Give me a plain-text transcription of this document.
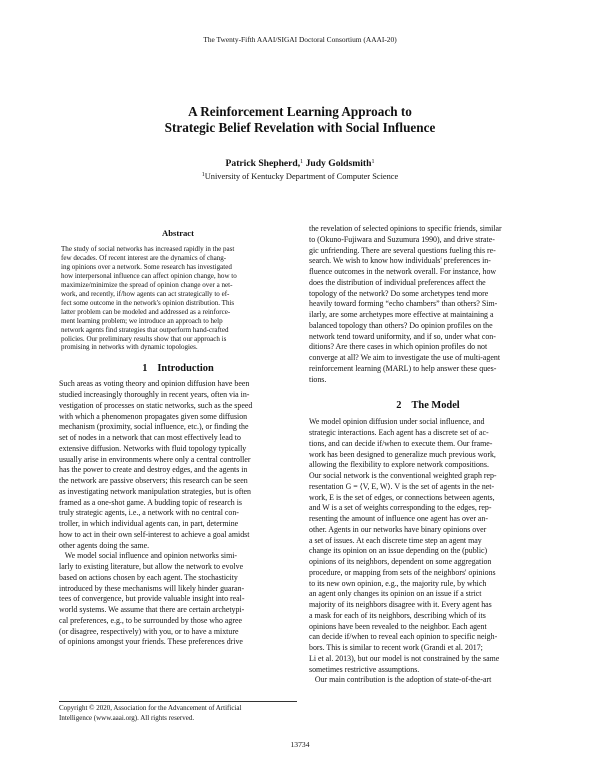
The Twenty-Fifth AAAI/SIGAI Doctoral Consortium (AAAI-20)
A Reinforcement Learning Approach to
Strategic Belief Revelation with Social Influence
Patrick Shepherd,$^1$ Judy Goldsmith$^1$
$^1$University of Kentucky Department of Computer Science
Abstract
The study of social networks has increased rapidly in the past
few decades. Of recent interest are the dynamics of chang-
ing opinions over a network. Some research has investigated
how interpersonal influence can affect opinion change, how to
maximize/minimize the spread of opinion change over a net-
work, and recently, if/how agents can act strategically to ef-
fect some outcome in the network's opinion distribution. This
latter problem can be modeled and addressed as a reinforce-
ment learning problem; we introduce an approach to help
network agents find strategies that outperform hand-crafted
policies. Our preliminary results show that our approach is
promising in networks with dynamic topologies.
1 Introduction
Such areas as voting theory and opinion diffusion have been
studied increasingly thoroughly in recent years, often via in-
vestigation of processes on static networks, such as the speed
with which a phenomenon propagates given some diffusion
mechanism (proximity, social influence, etc.), or finding the
set of nodes in a network that can most effectively lead to
extensive diffusion. Networks with fluid topology typically
usually arise in environments where only a central controller
has the power to create and destroy edges, and the agents in
the network are passive observers; this research can be seen
as investigating network manipulation strategies, but is often
framed as a one-shot game. A budding topic of research is
truly strategic agents, i.e., a network with no central con-
troller, in which individual agents can, in part, determine
how to act in their own self-interest to achieve a goal amidst
other agents doing the same.
We model social influence and opinion networks simi-
larly to existing literature, but allow the network to evolve
based on actions chosen by each agent. The stochasticity
introduced by these mechanisms will likely hinder guaran-
tees of convergence, but provide valuable insight into real-
world systems. We assume that there are certain archetypi-
cal preferences, e.g., to be surrounded by those who agree
(or disagree, respectively) with you, or to have a mixture
of opinions amongst your friends. These preferences drive
the revelation of selected opinions to specific friends, similar
to (Okuno-Fujiwara and Suzumura 1990), and drive strate-
gic unfriending. There are several questions fueling this re-
search. We wish to know how individuals' preferences in-
fluence outcomes in the network overall. For instance, how
does the distribution of individual preferences affect the
topology of the network? Do some archetypes tend more
heavily toward forming “echo chambers” than others? Sim-
ilarly, are some archetypes more effective at maintaining a
balanced topology than others? Do opinion profiles on the
network tend toward uniformity, and if so, under what con-
ditions? Are there cases in which opinion profiles do not
converge at all? We aim to investigate the use of multi-agent
reinforcement learning (MARL) to help answer these ques-
tions.
2 The Model
We model opinion diffusion under social influence, and
strategic interactions. Each agent has a discrete set of ac-
tions, and can decide if/when to execute them. Our frame-
work has been designed to generalize much previous work,
allowing the flexibility to explore network compositions.
Our social network is the conventional weighted graph rep-
resentation G = ⟨V, E, W⟩. V is the set of agents in the net-
work, E is the set of edges, or connections between agents,
and W is a set of weights corresponding to the edges, rep-
resenting the amount of influence one agent has over an-
other. Agents in our networks have binary opinions over
a set of issues. At each discrete time step an agent may
change its opinion on an issue depending on the (public)
opinions of its neighbors, dependent on some aggregation
procedure, or mapping from sets of the neighbors' opinions
to its new own opinion, e.g., the majority rule, by which
an agent only changes its opinion on an issue if a strict
majority of its neighbors disagree with it. Every agent has
a mask for each of its neighbors, describing which of its
opinions have been revealed to the neighbor. Each agent
can decide if/when to reveal each opinion to specific neigh-
bors. This is similar to recent work (Grandi et al. 2017;
Li et al. 2013), but our model is not constrained by the same
sometimes restrictive assumptions.
Our main contribution is the adoption of state-of-the-art
Copyright © 2020, Association for the Advancement of Artificial
Intelligence (www.aaai.org). All rights reserved.
13734
